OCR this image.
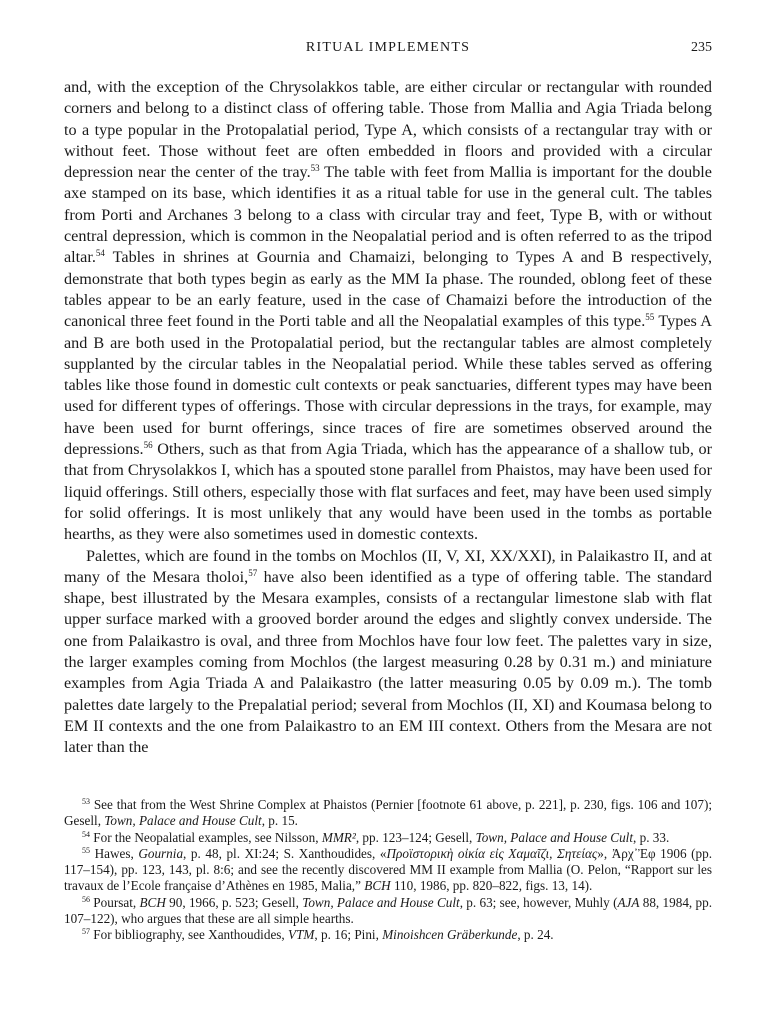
RITUAL IMPLEMENTS	235

and, with the exception of the Chrysolakkos table, are either circular or rectangular with rounded corners and belong to a distinct class of offering table. Those from Mallia and Agia Triada belong to a type popular in the Protopalatial period, Type A, which consists of a rectangular tray with or without feet. Those without feet are often embedded in floors and provided with a circular depression near the center of the tray.$^{53}$ The table with feet from Mallia is important for the double axe stamped on its base, which identifies it as a ritual table for use in the general cult. The tables from Porti and Archanes 3 belong to a class with circular tray and feet, Type B, with or without central depression, which is common in the Neopalatial period and is often referred to as the tripod altar.$^{54}$ Tables in shrines at Gournia and Chamaizi, belonging to Types A and B respectively, demonstrate that both types begin as early as the MM Ia phase. The rounded, oblong feet of these tables appear to be an early feature, used in the case of Chamaizi before the introduction of the canonical three feet found in the Porti table and all the Neopalatial examples of this type.$^{55}$ Types A and B are both used in the Protopalatial period, but the rectangular tables are almost completely supplanted by the circular tables in the Neopalatial period. While these tables served as offering tables like those found in domestic cult contexts or peak sanctuaries, different types may have been used for different types of offerings. Those with circular depressions in the trays, for example, may have been used for burnt offerings, since traces of fire are sometimes observed around the depressions.$^{56}$ Others, such as that from Agia Triada, which has the appearance of a shallow tub, or that from Chrysolakkos I, which has a spouted stone parallel from Phaistos, may have been used for liquid offerings. Still others, especially those with flat surfaces and feet, may have been used simply for solid offerings. It is most unlikely that any would have been used in the tombs as portable hearths, as they were also sometimes used in domestic contexts.

Palettes, which are found in the tombs on Mochlos (II, V, XI, XX/XXI), in Palaikastro II, and at many of the Mesara tholoi,$^{57}$ have also been identified as a type of offering table. The standard shape, best illustrated by the Mesara examples, consists of a rectangular limestone slab with flat upper surface marked with a grooved border around the edges and slightly convex underside. The one from Palaikastro is oval, and three from Mochlos have four low feet. The palettes vary in size, the larger examples coming from Mochlos (the largest measuring 0.28 by 0.31 m.) and miniature examples from Agia Triada A and Palaikastro (the latter measuring 0.05 by 0.09 m.). The tomb palettes date largely to the Prepalatial period; several from Mochlos (II, XI) and Koumasa belong to EM II contexts and the one from Palaikastro to an EM III context. Others from the Mesara are not later than the

$^{53}$ See that from the West Shrine Complex at Phaistos (Pernier [footnote 61 above, p. 221], p. 230, figs. 106 and 107); Gesell, Town, Palace and House Cult, p. 15.

$^{54}$ For the Neopalatial examples, see Nilsson, MMR², pp. 123–124; Gesell, Town, Palace and House Cult, p. 33.

$^{55}$ Hawes, Gournia, p. 48, pl. XI:24; S. Xanthoudides, «Προϊστορικὴ οἰκία εἰς Χαμαῖζι, Σητείας», Ἀρχ᾽Ἐφ 1906 (pp. 117–154), pp. 123, 143, pl. 8:6; and see the recently discovered MM II example from Mallia (O. Pelon, “Rapport sur les travaux de l’Ecole française d’Athènes en 1985, Malia,” BCH 110, 1986, pp. 820–822, figs. 13, 14).

$^{56}$ Poursat, BCH 90, 1966, p. 523; Gesell, Town, Palace and House Cult, p. 63; see, however, Muhly (AJA 88, 1984, pp. 107–122), who argues that these are all simple hearths.

$^{57}$ For bibliography, see Xanthoudides, VTM, p. 16; Pini, Minoishcen Gräberkunde, p. 24.
